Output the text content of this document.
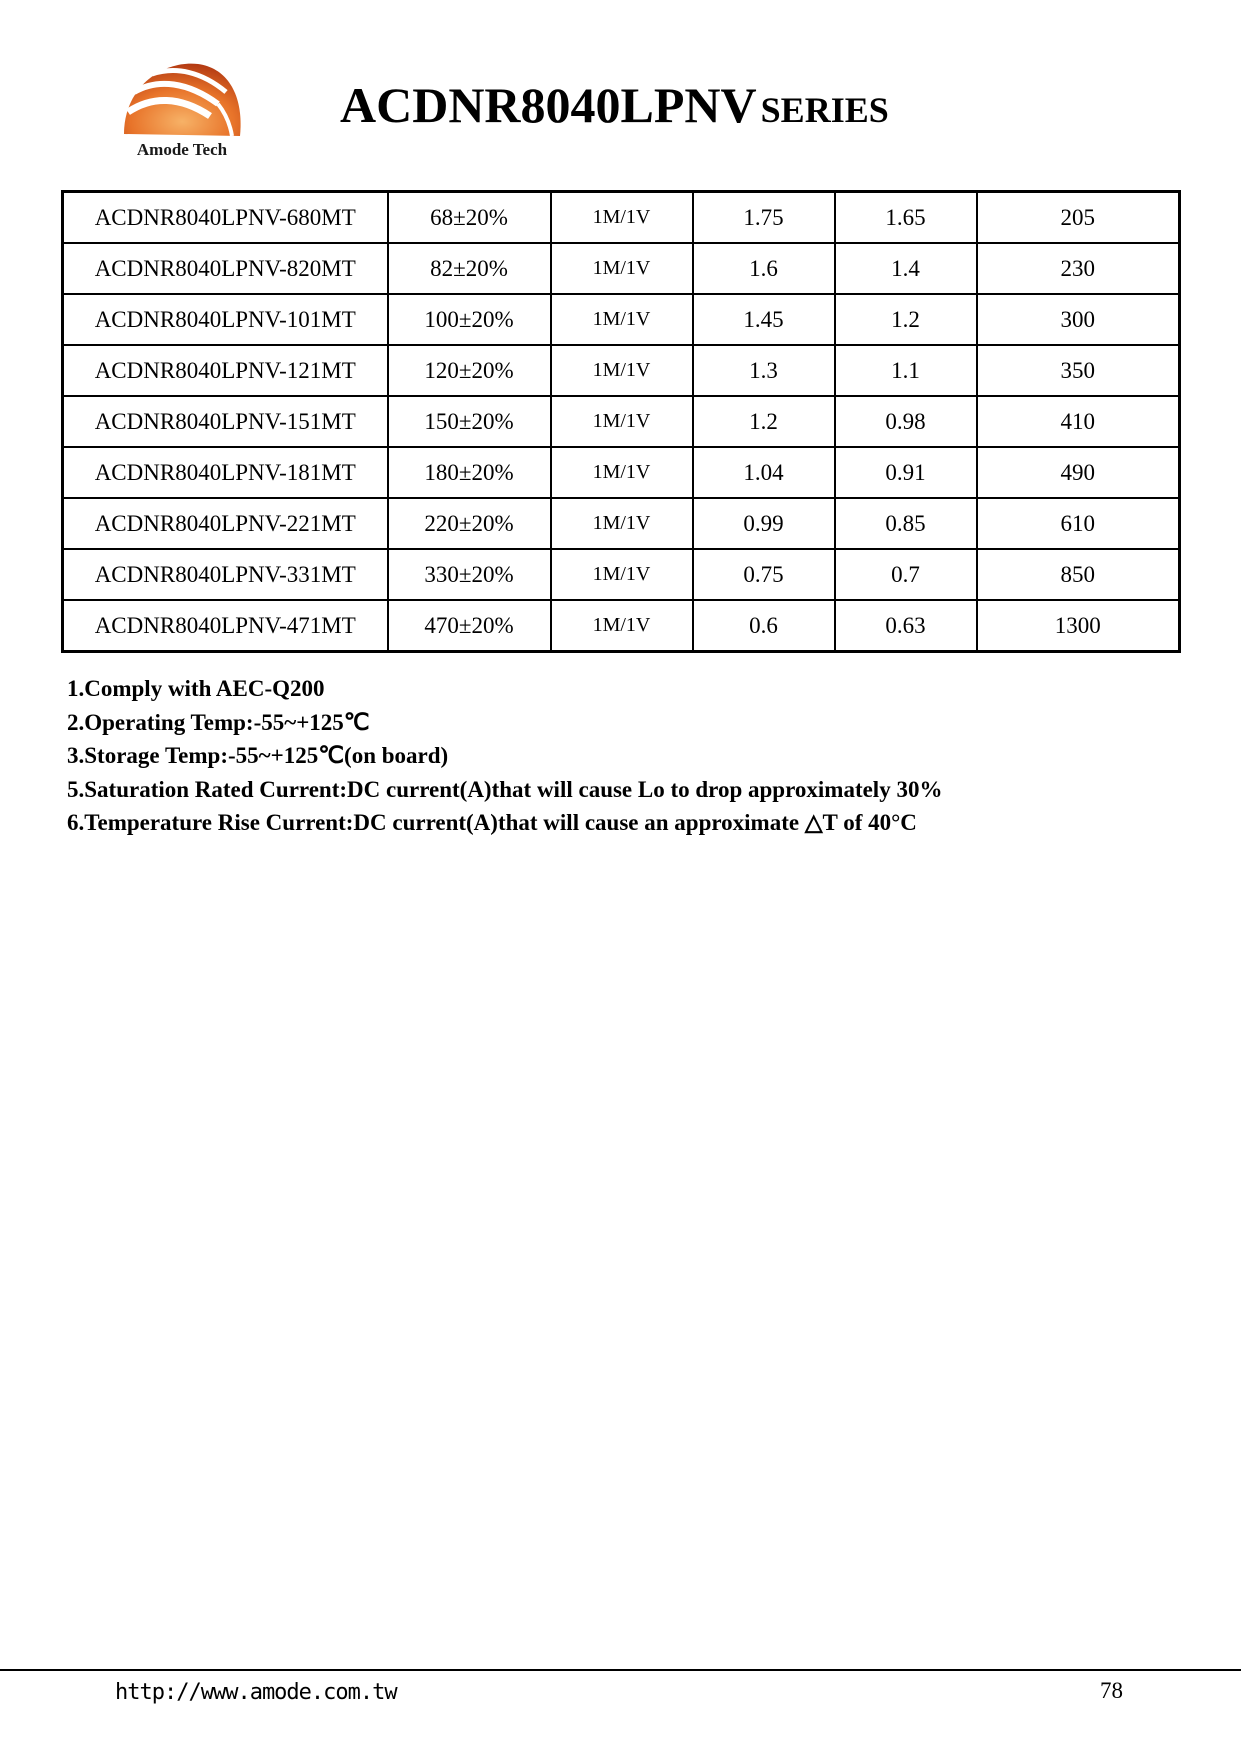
Amode Tech
ACDNR8040LPNV SERIES
ACDNR8040LPNV-680MT	68±20%	1M/1V	1.75	1.65	205
ACDNR8040LPNV-820MT	82±20%	1M/1V	1.6	1.4	230
ACDNR8040LPNV-101MT	100±20%	1M/1V	1.45	1.2	300
ACDNR8040LPNV-121MT	120±20%	1M/1V	1.3	1.1	350
ACDNR8040LPNV-151MT	150±20%	1M/1V	1.2	0.98	410
ACDNR8040LPNV-181MT	180±20%	1M/1V	1.04	0.91	490
ACDNR8040LPNV-221MT	220±20%	1M/1V	0.99	0.85	610
ACDNR8040LPNV-331MT	330±20%	1M/1V	0.75	0.7	850
ACDNR8040LPNV-471MT	470±20%	1M/1V	0.6	0.63	1300
1.Comply with AEC-Q200
2.Operating Temp:-55~+125℃
3.Storage Temp:-55~+125℃(on board)
5.Saturation Rated Current:DC current(A)that will cause Lo to drop approximately 30%
6.Temperature Rise Current:DC current(A)that will cause an approximate △T of 40°C
http://www.amode.com.tw	78
